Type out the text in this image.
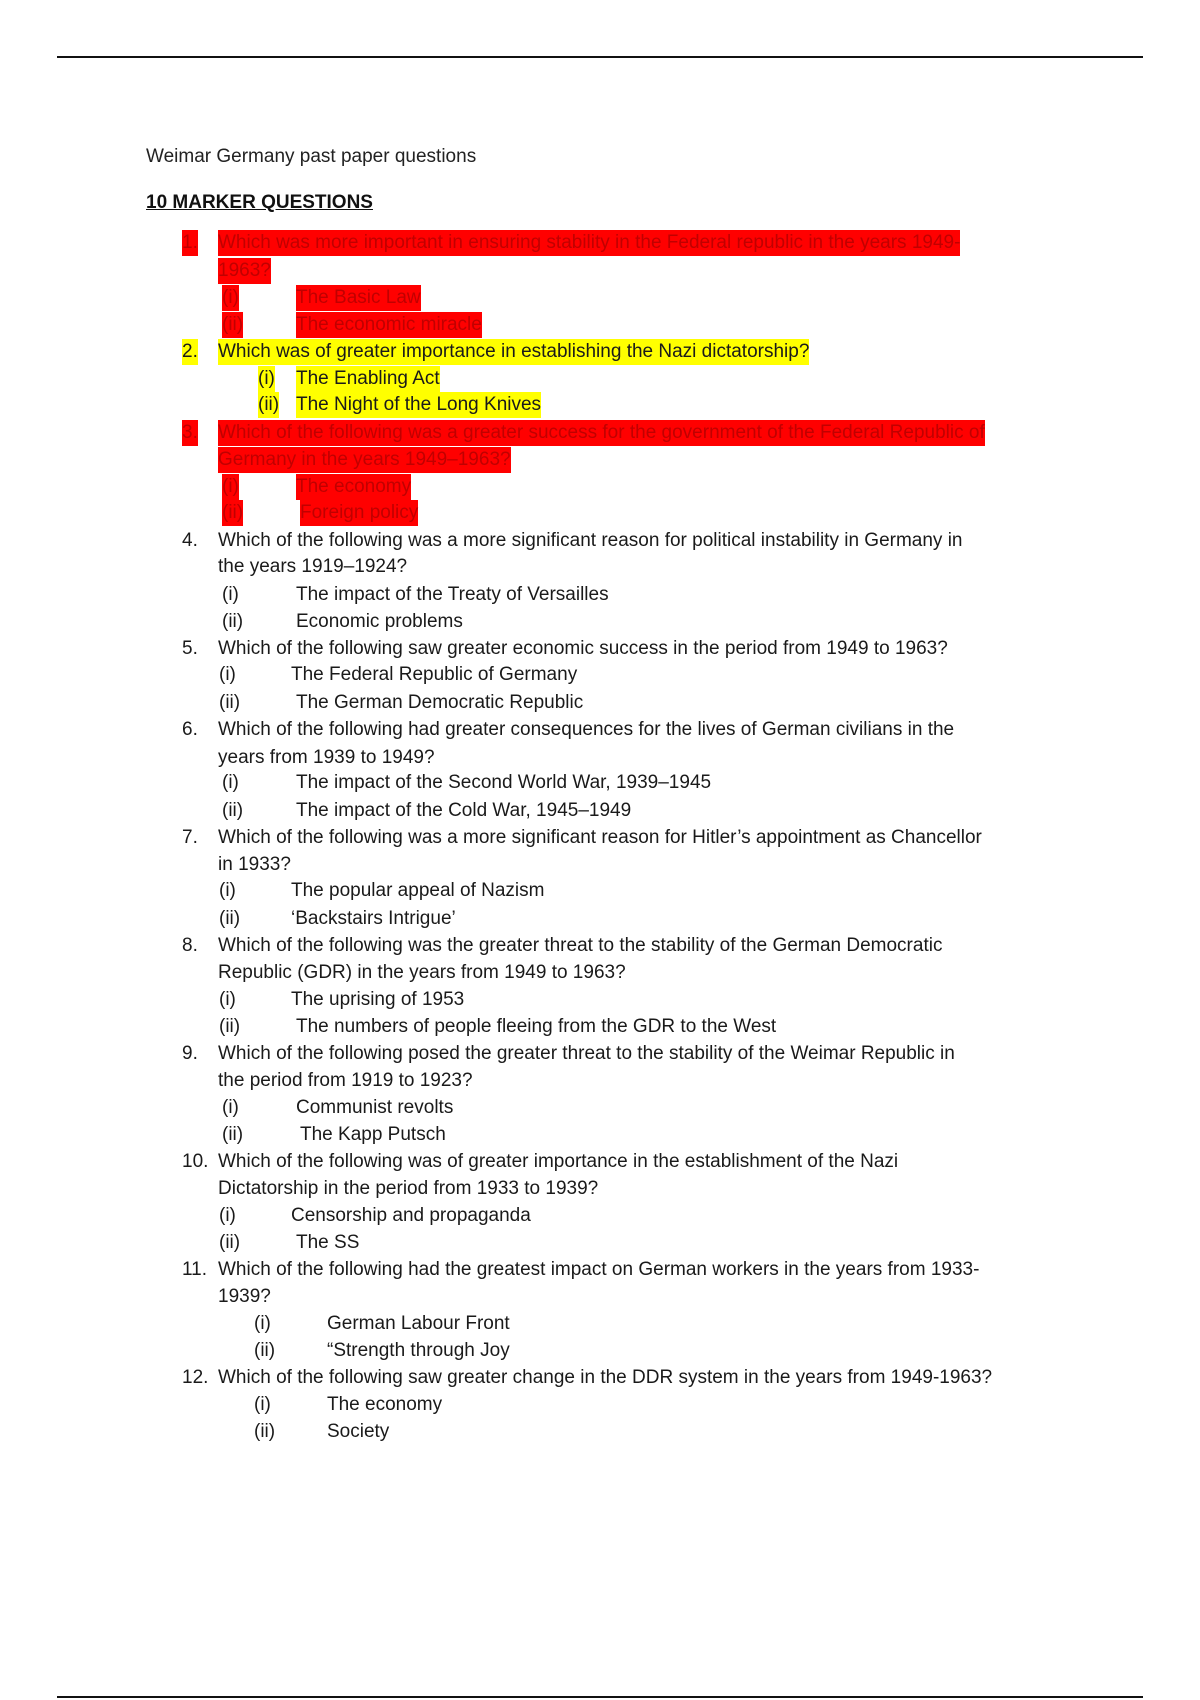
Weimar Germany past paper questions
10 MARKER QUESTIONS
1. Which was more important in ensuring stability in the Federal republic in the years 1949-
1963?
(i)	The Basic Law
(ii)	The economic miracle
2. Which was of greater importance in establishing the Nazi dictatorship?
(i) The Enabling Act
(ii) The Night of the Long Knives
3. Which of the following was a greater success for the government of the Federal Republic of
Germany in the years 1949–1963?
(i)	The economy
(ii)	Foreign policy
4. Which of the following was a more significant reason for political instability in Germany in
the years 1919–1924?
(i)	The impact of the Treaty of Versailles
(ii)	Economic problems
5. Which of the following saw greater economic success in the period from 1949 to 1963?
(i)	The Federal Republic of Germany
(ii)	The German Democratic Republic
6. Which of the following had greater consequences for the lives of German civilians in the
years from 1939 to 1949?
(i)	The impact of the Second World War, 1939–1945
(ii)	The impact of the Cold War, 1945–1949
7. Which of the following was a more significant reason for Hitler’s appointment as Chancellor
in 1933?
(i)	The popular appeal of Nazism
(ii)	‘Backstairs Intrigue’
8. Which of the following was the greater threat to the stability of the German Democratic
Republic (GDR) in the years from 1949 to 1963?
(i)	The uprising of 1953
(ii)	The numbers of people fleeing from the GDR to the West
9. Which of the following posed the greater threat to the stability of the Weimar Republic in
the period from 1919 to 1923?
(i)	Communist revolts
(ii)	The Kapp Putsch
10. Which of the following was of greater importance in the establishment of the Nazi
Dictatorship in the period from 1933 to 1939?
(i)	Censorship and propaganda
(ii)	The SS
11. Which of the following had the greatest impact on German workers in the years from 1933-
1939?
(i)	German Labour Front
(ii)	“Strength through Joy
12. Which of the following saw greater change in the DDR system in the years from 1949-1963?
(i)	The economy
(ii)	Society
